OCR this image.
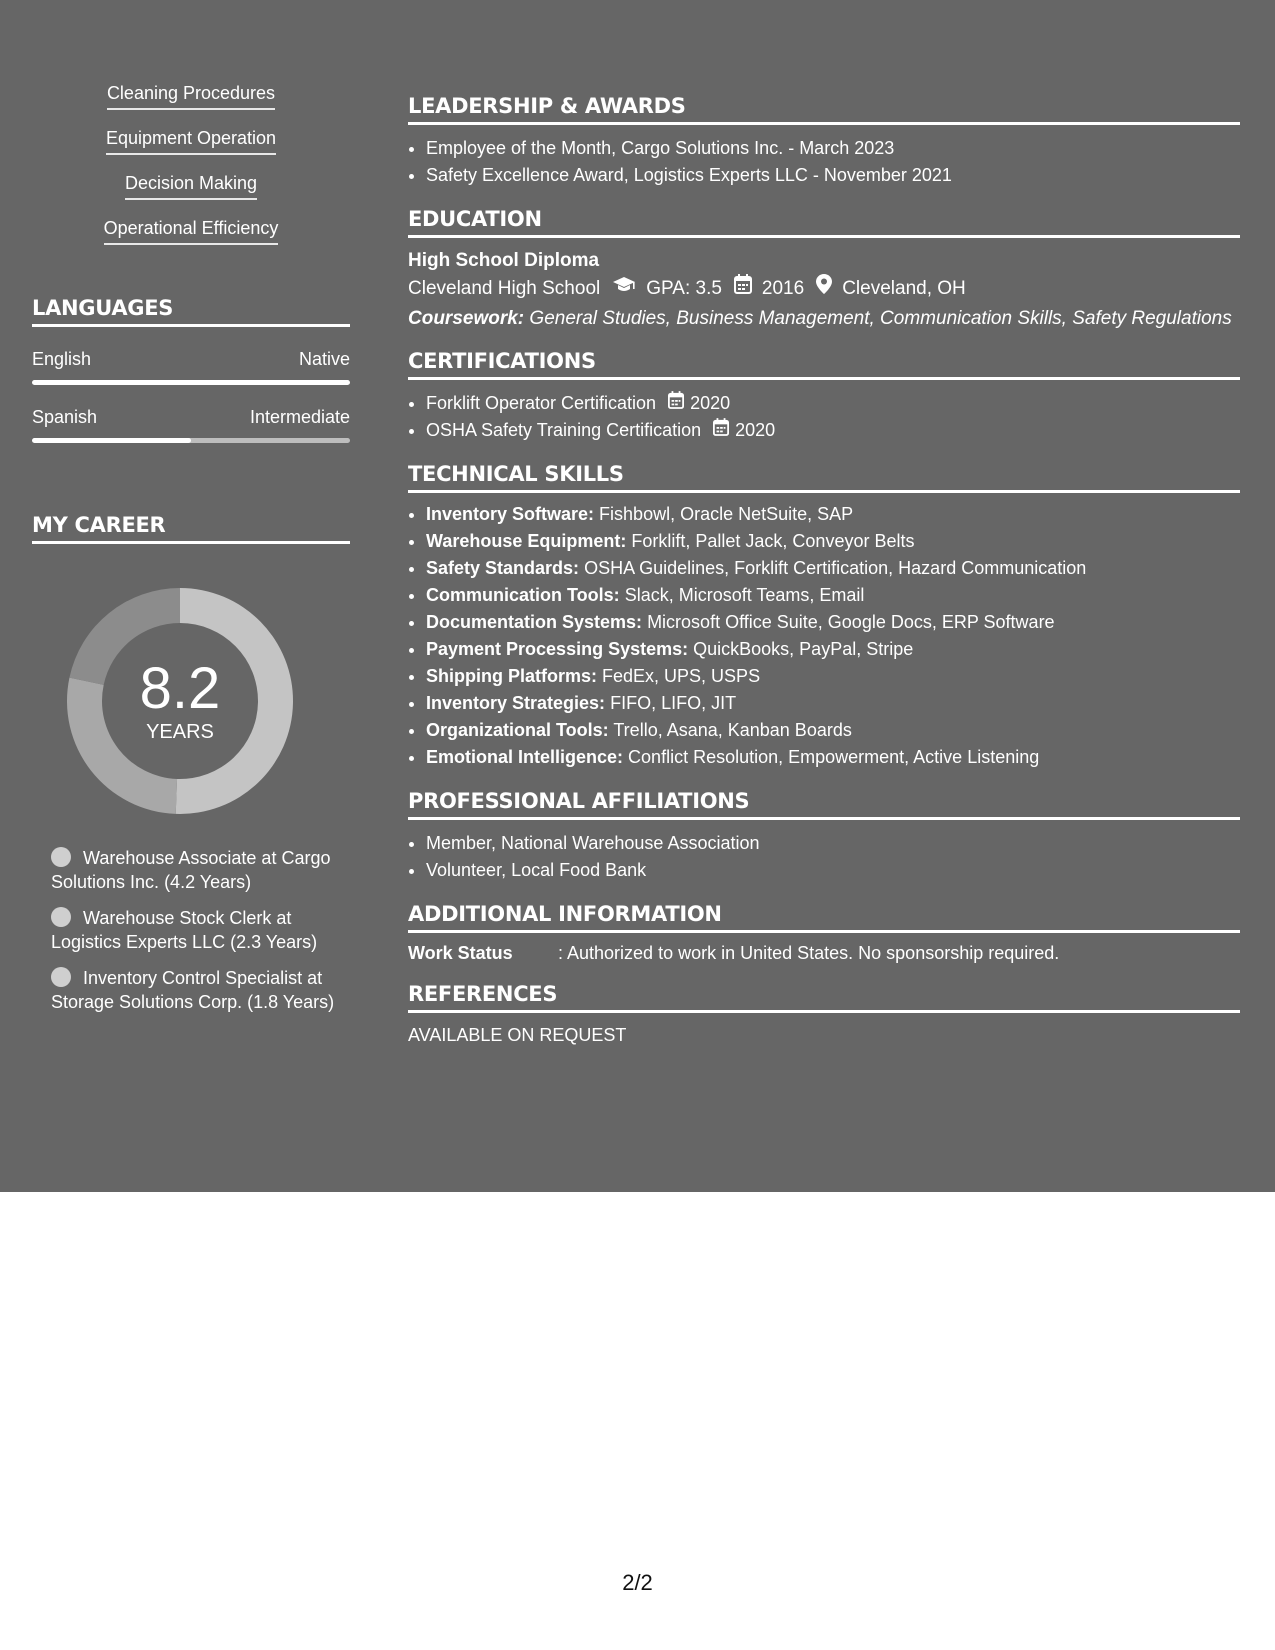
Cleaning Procedures
Equipment Operation
Decision Making
Operational Efficiency
LANGUAGES
English	Native
Spanish	Intermediate
MY CAREER
8.2
YEARS
Warehouse Associate at Cargo Solutions Inc. (4.2 Years)
Warehouse Stock Clerk at Logistics Experts LLC (2.3 Years)
Inventory Control Specialist at Storage Solutions Corp. (1.8 Years)
LEADERSHIP & AWARDS
• Employee of the Month, Cargo Solutions Inc. - March 2023
• Safety Excellence Award, Logistics Experts LLC - November 2021
EDUCATION
High School Diploma
Cleveland High School GPA: 3.5 2016 Cleveland, OH
Coursework: General Studies, Business Management, Communication Skills, Safety Regulations
CERTIFICATIONS
• Forklift Operator Certification 2020
• OSHA Safety Training Certification 2020
TECHNICAL SKILLS
• Inventory Software: Fishbowl, Oracle NetSuite, SAP
• Warehouse Equipment: Forklift, Pallet Jack, Conveyor Belts
• Safety Standards: OSHA Guidelines, Forklift Certification, Hazard Communication
• Communication Tools: Slack, Microsoft Teams, Email
• Documentation Systems: Microsoft Office Suite, Google Docs, ERP Software
• Payment Processing Systems: QuickBooks, PayPal, Stripe
• Shipping Platforms: FedEx, UPS, USPS
• Inventory Strategies: FIFO, LIFO, JIT
• Organizational Tools: Trello, Asana, Kanban Boards
• Emotional Intelligence: Conflict Resolution, Empowerment, Active Listening
PROFESSIONAL AFFILIATIONS
• Member, National Warehouse Association
• Volunteer, Local Food Bank
ADDITIONAL INFORMATION
Work Status	: Authorized to work in United States. No sponsorship required.
REFERENCES
AVAILABLE ON REQUEST
2/2
